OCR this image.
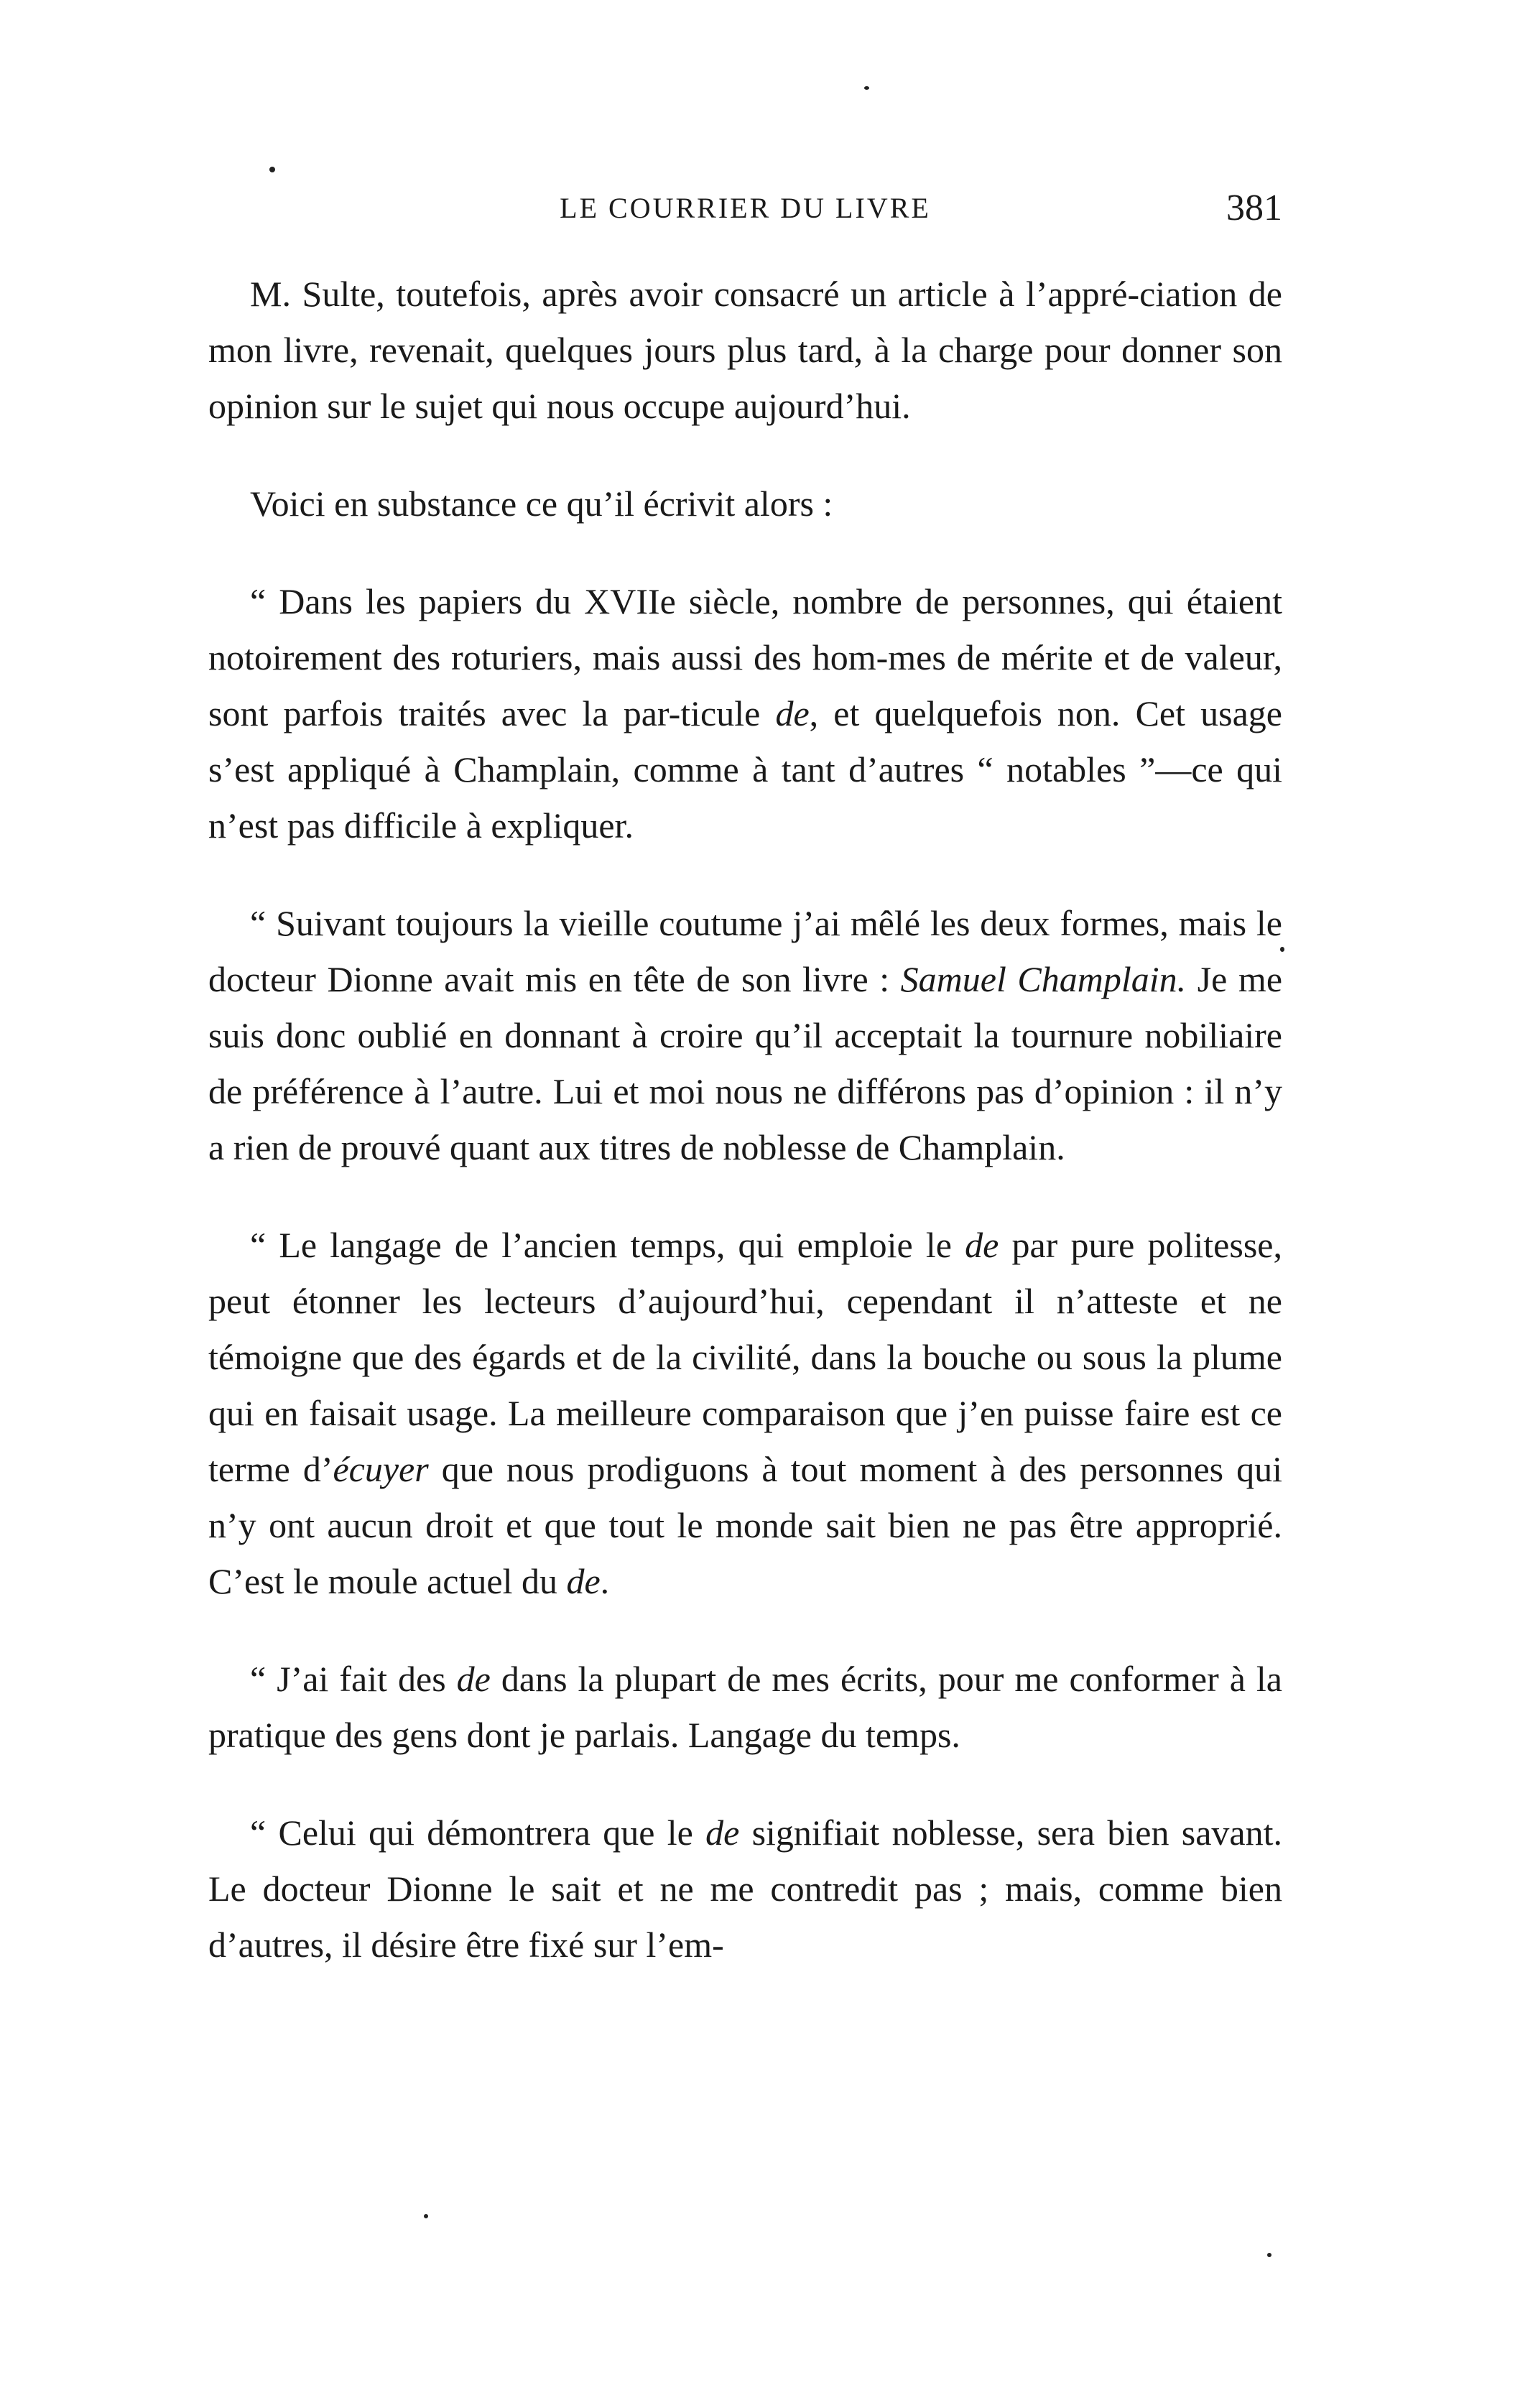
LE COURRIER DU LIVRE	381

M. Sulte, toutefois, après avoir consacré un article à l’appré-ciation de mon livre, revenait, quelques jours plus tard, à la charge pour donner son opinion sur le sujet qui nous occupe aujourd’hui.

Voici en substance ce qu’il écrivit alors :

“ Dans les papiers du XVIIe siècle, nombre de personnes, qui étaient notoirement des roturiers, mais aussi des hom-mes de mérite et de valeur, sont parfois traités avec la par-ticule de, et quelquefois non. Cet usage s’est appliqué à Champlain, comme à tant d’autres “ notables ”—ce qui n’est pas difficile à expliquer.

“ Suivant toujours la vieille coutume j’ai mêlé les deux formes, mais le docteur Dionne avait mis en tête de son livre : Samuel Champlain. Je me suis donc oublié en donnant à croire qu’il acceptait la tournure nobiliaire de préférence à l’autre. Lui et moi nous ne différons pas d’opinion : il n’y a rien de prouvé quant aux titres de noblesse de Champlain.

“ Le langage de l’ancien temps, qui emploie le de par pure politesse, peut étonner les lecteurs d’aujourd’hui, cependant il n’atteste et ne témoigne que des égards et de la civilité, dans la bouche ou sous la plume qui en faisait usage. La meilleure comparaison que j’en puisse faire est ce terme d’écuyer que nous prodiguons à tout moment à des personnes qui n’y ont aucun droit et que tout le monde sait bien ne pas être approprié. C’est le moule actuel du de.

“ J’ai fait des de dans la plupart de mes écrits, pour me conformer à la pratique des gens dont je parlais. Langage du temps.

“ Celui qui démontrera que le de signifiait noblesse, sera bien savant. Le docteur Dionne le sait et ne me contredit pas ; mais, comme bien d’autres, il désire être fixé sur l’em-
